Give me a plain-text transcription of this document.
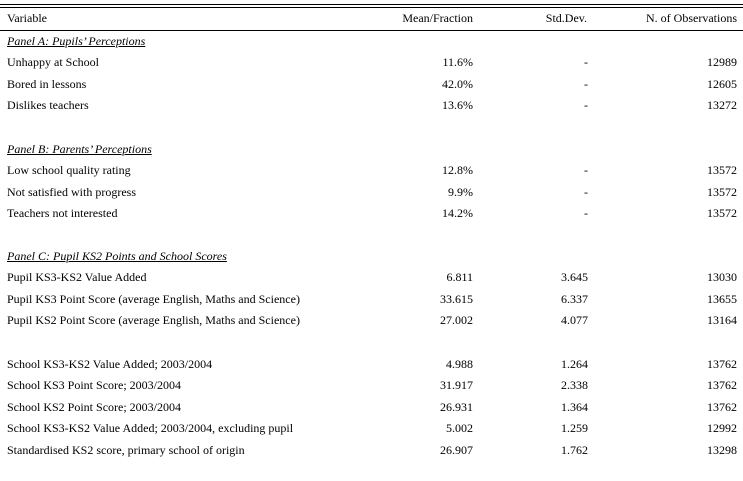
Variable	Mean/Fraction	Std.Dev.	N. of Observations
Panel A: Pupils’ Perceptions
Unhappy at School	11.6%	-	12989
Bored in lessons	42.0%	-	12605
Dislikes teachers	13.6%	-	13272
Panel B: Parents’ Perceptions
Low school quality rating	12.8%	-	13572
Not satisfied with progress	9.9%	-	13572
Teachers not interested	14.2%	-	13572
Panel C: Pupil KS2 Points and School Scores
Pupil KS3-KS2 Value Added	6.811	3.645	13030
Pupil KS3 Point Score (average English, Maths and Science)	33.615	6.337	13655
Pupil KS2 Point Score (average English, Maths and Science)	27.002	4.077	13164
School KS3-KS2 Value Added; 2003/2004	4.988	1.264	13762
School KS3 Point Score; 2003/2004	31.917	2.338	13762
School KS2 Point Score; 2003/2004	26.931	1.364	13762
School KS3-KS2 Value Added; 2003/2004, excluding pupil	5.002	1.259	12992
Standardised KS2 score, primary school of origin	26.907	1.762	13298
